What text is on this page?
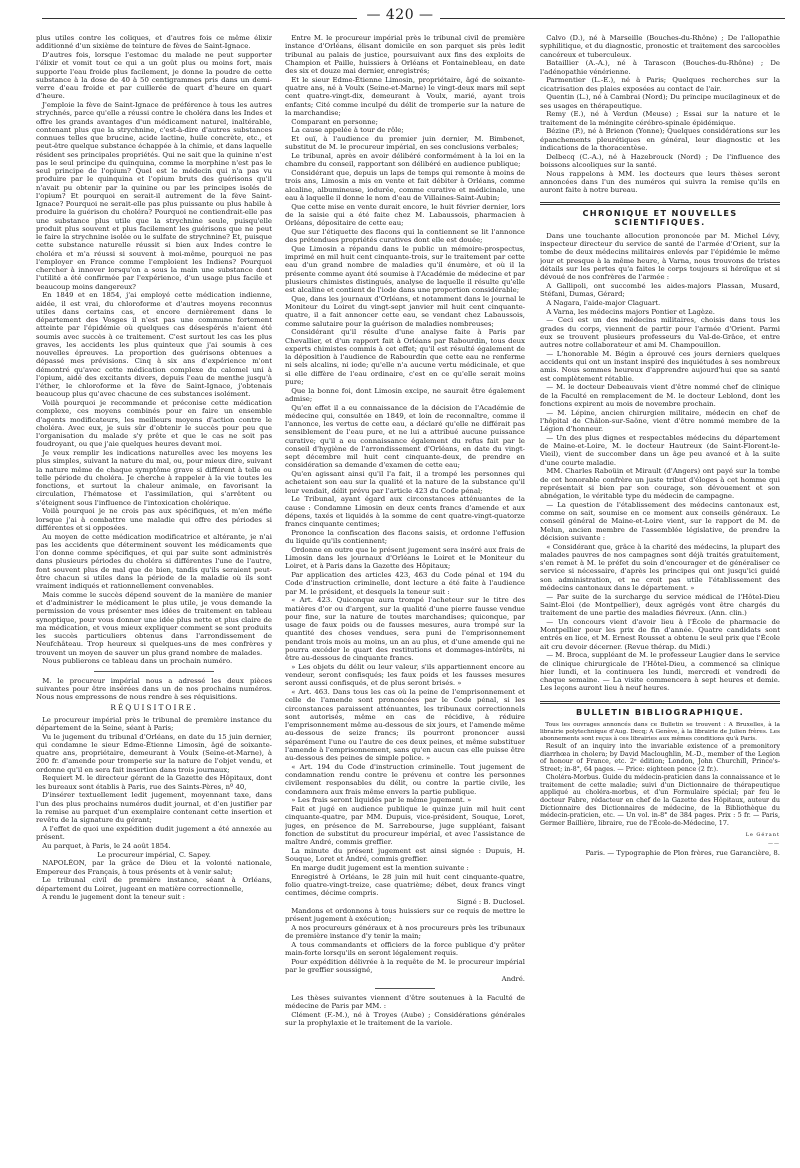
— 420 —

plus utiles contre les coliques, et d'autres fois ce même élixir additionné d'un sixième de teinture de fèves de Saint-Ignace.

D'autres fois, lorsque l'estomac du malade ne peut supporter l'élixir et vomit tout ce qui a un goût plus ou moins fort, mais supporte l'eau froide plus facilement, je donne la poudre de cette substance à la dose de 40 à 50 centigrammes pris dans un demi-verre d'eau froide et par cuillerée de quart d'heure en quart d'heure.

J'emploie la fève de Saint-Ignace de préférence à tous les autres strychnés, parce qu'elle a réussi contre le choléra dans les Indes et offre les grands avantages d'un médicament naturel, inaltérable, contenant plus que la strychnine, c'est-à-dire d'autres substances connues telles que brucine, acide lactine, huile concrète, etc., et peut-être quelque substance échappée à la chimie, et dans laquelle résident ses principales propriétés. Qui ne sait que la quinine n'est pas le seul principe du quinquina, comme la morphine n'est pas le seul principe de l'opium? Quel est le médecin qui n'a pas vu produire par le quinquina et l'opium bruts des guérisons qu'il n'avait pu obtenir par la quinine ou par les principes isolés de l'opium? Et pourquoi en serait-il autrement de la fève Saint-Ignace? Pourquoi ne serait-elle pas plus puissante ou plus habile à produire la guérison du choléra? Pourquoi ne contiendrait-elle pas une substance plus utile que la strychnine seule, puisqu'elle produit plus souvent et plus facilement les guérisons que ne peut le faire la strychnine isolée ou le sulfate de strychnine? Et, puisque cette substance naturelle réussit si bien aux Indes contre le choléra et m'a réussi si souvent à moi-même, pourquoi ne pas l'employer en France comme l'emploient les Indiens? Pourquoi chercher à innover lorsqu'on a sous la main une substance dont l'utilité a été confirmée par l'expérience, d'un usage plus facile et beaucoup moins dangereux?

En 1849 et en 1854, j'ai employé cette médication indienne, aidée, il est vrai, du chloroforme et d'autres moyens reconnus utiles dans certains cas, et encore dernièrement dans le département des Vosges il n'est pas une commune fortement atteinte par l'épidémie où quelques cas désespérés n'aient été soumis avec succès à ce traitement. C'est surtout les cas les plus graves, les accidents les plus quinteux que j'ai soumis à ces nouvelles épreuves. La proportion des guérisons obtenues a dépassé mes prévisions. Cinq à six ans d'expérience m'ont démontré qu'avec cette médication complexe du calomel uni à l'opium, aidé des excitants divers, depuis l'eau de menthe jusqu'à l'éther, le chloroforme et la fève de Saint-Ignace, j'obtenais beaucoup plus qu'avec chacune de ces substances isolément.

Voilà pourquoi je recommande et préconise cette médication complexe, ces moyens combinés pour en faire un ensemble d'agents modificateurs, les meilleurs moyens d'action contre le choléra. Avec eux, je suis sûr d'obtenir le succès pour peu que l'organisation du malade s'y prête et que le cas ne soit pas foudroyant, ou que j'aie quelques heures devant moi.

Je veux remplir les indications naturelles avec les moyens les plus simples, suivant la nature du mal, ou, pour mieux dire, suivant la nature même de chaque symptôme grave si différent à telle ou telle période du choléra. Je cherche à rappeler à la vie toutes les fonctions, et surtout la chaleur animale, en favorisant la circulation, l'hématose et l'assimilation, qui s'arrêtent ou s'éteignent sous l'influence de l'intoxication cholérique.

Voilà pourquoi je ne crois pas aux spécifiques, et m'en méfie lorsque j'ai à combattre une maladie qui offre des périodes si différentes et si opposées.

Au moyen de cette médication modificatrice et altérante, je n'ai pas les accidents que déterminent souvent les médicaments que l'on donne comme spécifiques, et qui par suite sont administrés dans plusieurs périodes du choléra si différentes l'une de l'autre, font souvent plus de mal que de bien, tandis qu'ils seraient peut-être chacun si utiles dans la période de la maladie où ils sont vraiment indiqués et rationnellement convenables.

Mais comme le succès dépend souvent de la manière de manier et d'administrer le médicament le plus utile, je vous demande la permission de vous présenter mes idées de traitement en tableau synoptique, pour vous donner une idée plus nette et plus claire de ma médication, et vous mieux expliquer comment se sont produits les succès particuliers obtenus dans l'arrondissement de Neufchâteau. Trop heureux si quelques-uns de mes confrères y trouvent un moyen de sauver un plus grand nombre de malades.

Nous publierons ce tableau dans un prochain numéro.

M. le procureur impérial nous a adressé les deux pièces suivantes pour être insérées dans un de nos prochains numéros. Nous nous empressons de nous rendre à ses réquisitions.

RÉQUISITOIRE.

Le procureur impérial près le tribunal de première instance du département de la Seine, séant à Paris;

Vu le jugement du tribunal d'Orléans, en date du 15 juin dernier, qui condamne le sieur Edme-Étienne Limosin, âgé de soixante-quatre ans, propriétaire, demeurant à Voulx (Seine-et-Marne), à 200 fr. d'amende pour tromperie sur la nature de l'objet vendu, et ordonne qu'il en sera fait insertion dans trois journaux;

Requiert M. le directeur gérant de la Gazette des Hôpitaux, dont les bureaux sont établis à Paris, rue des Saints-Pères, nº 40,

D'insérer textuellement ledit jugement, moyennant taxe, dans l'un des plus prochains numéros dudit journal, et d'en justifier par la remise au parquet d'un exemplaire contenant cette insertion et revêtu de la signature du gérant;

A l'effet de quoi une expédition dudit jugement a été annexée au présent.

Au parquet, à Paris, le 24 août 1854.

Le procureur impérial, C. Sapey.

NAPOLÉON, par la grâce de Dieu et la volonté nationale, Empereur des Français, à tous présents et à venir salut;

Le tribunal civil de première instance, séant à Orléans, département du Loiret, jugeant en matière correctionnelle,

A rendu le jugement dont la teneur suit :

Entre M. le procureur impérial près le tribunal civil de première instance d'Orléans, élisant domicile en son parquet sis près ledit tribunal au palais de justice, poursuivant aux fins des exploits de Champion et Paille, huissiers à Orléans et Fontainebleau, en date des six et douze mai dernier, enregistrés;

Et le sieur Edme-Étienne Limosin, propriétaire, âgé de soixante-quatre ans, né à Voulx (Seine-et-Marne) le vingt-deux mars mil sept cent quatre-vingt-dix, demeurant à Voulx, marié, ayant trois enfants; Cité comme inculpé du délit de tromperie sur la nature de la marchandise;

Comparant en personne;

La cause appelée à tour de rôle;

Et ouï, à l'audience du premier juin dernier, M. Bimbenet, substitut de M. le procureur impérial, en ses conclusions verbales;

Le tribunal, après en avoir délibéré conformément à la loi en la chambre du conseil, rapportant son délibéré en audience publique;

Considérant que, depuis un laps de temps qui remonte à moins de trois ans, Limosin a mis en vente et fait débiter à Orléans, comme alcaline, albumineuse, iodurée, comme curative et médicinale, une eau à laquelle il donne le nom d'eau de Villaines-Saint-Aubin;

Que cette mise en vente durait encore, le huit février dernier, lors de la saisie qui a été faite chez M. Labaussois, pharmacien à Orléans, dépositaire de cette eau;

Que sur l'étiquette des flacons qui la contiennent se lit l'annonce des prétendues propriétés curatives dont elle est douée;

Que Limosin a répandu dans le public un mémoire-prospectus, imprimé en mil huit cent cinquante-trois, sur le traitement par cette eau d'un grand nombre de maladies qu'il énumère, et où il la présente comme ayant été soumise à l'Académie de médecine et par plusieurs chimistes distingués, analyse de laquelle il résulte qu'elle est alcaline et contient de l'iode dans une proportion considérable;

Que, dans les journaux d'Orléans, et notamment dans le journal le Moniteur du Loiret du vingt-sept janvier mil huit cent cinquante-quatre, il a fait annoncer cette eau, se vendant chez Labaussois, comme salutaire pour la guérison de maladies nombreuses;

Considérant qu'il résulte d'une analyse faite à Paris par Chevallier, et d'un rapport fait à Orléans par Rabourdin, tous deux experts chimistes commis à cet effet; qu'il est résulté également de la déposition à l'audience de Rabourdin que cette eau ne renferme ni sels alcalins, ni iode; qu'elle n'a aucune vertu médicinale, et que si elle diffère de l'eau ordinaire, c'est en ce qu'elle serait moins pure;

Que la bonne foi, dont Limosin excipe, ne saurait être également admise;

Qu'en effet il a eu connaissance de la décision de l'Académie de médecine qui, consultée en 1849, et loin de reconnaître, comme il l'annonce, les vertus de cette eau, a déclaré qu'elle ne différait pas sensiblement de l'eau pure, et ne lui a attribué aucune puissance curative; qu'il a eu connaissance également du refus fait par le conseil d'hygiène de l'arrondissement d'Orléans, en date du vingt-sept décembre mil huit cent cinquante-deux, de prendre en considération sa demande d'examen de cette eau;

Qu'en agissant ainsi qu'il l'a fait, il a trompé les personnes qui achetaient son eau sur la qualité et la nature de la substance qu'il leur vendait, délit prévu par l'article 423 du Code pénal;

Le Tribunal, ayant égard aux circonstances atténuantes de la cause : Condamne Limosin en deux cents francs d'amende et aux dépens, taxés et liquidés à la somme de cent quatre-vingt-quatorze francs cinquante centimes;

Prononce la confiscation des flacons saisis, et ordonne l'effusion du liquide qu'ils contiennent;

Ordonne en outre que le présent jugement sera inséré aux frais de Limosin dans les journaux d'Orléans le Loiret et le Moniteur du Loiret, et à Paris dans la Gazette des Hôpitaux;

Par application des articles 423, 463 du Code pénal et 194 du Code d'instruction criminelle, dont lecture a été faite à l'audience par M. le président, et desquels la teneur suit :

« Art. 423. Quiconque aura trompé l'acheteur sur le titre des matières d'or ou d'argent, sur la qualité d'une pierre fausse vendue pour fine, sur la nature de toutes marchandises; quiconque, par usage de faux poids ou de fausses mesures, aura trompé sur la quantité des choses vendues, sera puni de l'emprisonnement pendant trois mois au moins, un an au plus, et d'une amende qui ne pourra excéder le quart des restitutions et dommages-intérêts, ni être au-dessous de cinquante francs.

» Les objets du délit ou leur valeur, s'ils appartiennent encore au vendeur, seront confisqués; les faux poids et les fausses mesures seront aussi confisqués, et de plus seront brisés. »

« Art. 463. Dans tous les cas où la peine de l'emprisonnement et celle de l'amende sont prononcées par le Code pénal, si les circonstances paraissent atténuantes, les tribunaux correctionnels sont autorisés, même en cas de récidive, à réduire l'emprisonnement même au-dessous de six jours, et l'amende même au-dessous de seize francs; ils pourront prononcer aussi séparément l'une ou l'autre de ces deux peines, et même substituer l'amende à l'emprisonnement, sans qu'en aucun cas elle puisse être au-dessous des peines de simple police. »

« Art. 194 du Code d'instruction criminelle. Tout jugement de condamnation rendu contre le prévenu et contre les personnes civilement responsables du délit, ou contre la partie civile, les condamnera aux frais même envers la partie publique.

» Les frais seront liquidés par le même jugement. »

Fait et jugé en audience publique le quinze juin mil huit cent cinquante-quatre, par MM. Dupuis, vice-président, Souque, Loret, juges, en présence de M. Sarrebourse, juge suppléant, faisant fonction de substitut du procureur impérial, et avec l'assistance de maître André, commis greffier.

La minute du présent jugement est ainsi signée : Dupuis, H. Souque, Loret et André, commis greffier.

En marge dudit jugement est la mention suivante :

Enregistré à Orléans, le 28 juin mil huit cent cinquante-quatre, folio quatre-vingt-treize, case quatrième; débet, deux francs vingt centimes, décime compris.

Signé : B. Duclosel.

Mandons et ordonnons à tous huissiers sur ce requis de mettre le présent jugement à exécution;

A nos procureurs généraux et à nos procureurs près les tribunaux de première instance d'y tenir la main;

A tous commandants et officiers de la force publique d'y prêter main-forte lorsqu'ils en seront légalement requis.

Pour expédition délivrée à la requête de M. le procureur impérial par le greffier soussigné,

André.

Les thèses suivantes viennent d'être soutenues à la Faculté de médecine de Paris par MM. :

Clément (F.-M.), né à Troyes (Aube) ; Considérations générales sur la prophylaxie et le traitement de la variole.

Calvo (D.), né à Marseille (Bouches-du-Rhône) ; De l'allopathie syphilitique, et du diagnostic, pronostic et traitement des sarcocèles cancéreux et tuberculeux.

Bataillier (A.-A.), né à Tarascon (Bouches-du-Rhône) ; De l'adénopathie vénérienne.

Parmentier (L.-E.), né à Paris; Quelques recherches sur la cicatrisation des plaies exposées au contact de l'air.

Quentin (L.), né à Cambrai (Nord); Du principe mucilagineux et de ses usages en thérapeutique.

Remy (E.), né à Verdun (Meuse) ; Essai sur la nature et le traitement de la méningite cérébro-spinale épidémique.

Bézine (P.), né à Brienon (Yonne); Quelques considérations sur les épanchements pleurétiques en général, leur diagnostic et les indications de la thoracentèse.

Delbecq (C.-A.), né à Hazebrouck (Nord) ; De l'influence des boissons alcooliques sur la santé.

Nous rappelons à MM. les docteurs que leurs thèses seront annoncées dans l'un des numéros qui suivra la remise qu'ils en auront faite à notre bureau.

CHRONIQUE ET NOUVELLES SCIENTIFIQUES.

Dans une touchante allocution prononcée par M. Michel Lévy, inspecteur directeur du service de santé de l'armée d'Orient, sur la tombe de deux médecins militaires enlevés par l'épidémie le même jour et presque à la même heure, à Varna, nous trouvons de tristes détails sur les pertes qu'a faites le corps toujours si héroïque et si dévoué de nos confrères de l'armée :

A Gallipoli, ont succombé les aides-majors Plassan, Musard, Stéfani, Dumas, Gérard;

A Nagara, l'aide-major Claguart.

A Varna, les médecins majors Pontier et Lagèze.

— Ceci est un des médecins militaires, choisis dans tous les grades du corps, viennent de partir pour l'armée d'Orient. Parmi eux se trouvent plusieurs professeurs du Val-de-Grâce, et entre autres notre collaborateur et ami M. Champouillon.

— L'honorable M. Bégin a éprouvé ces jours derniers quelques accidents qui ont un instant inspiré des inquiétudes à ses nombreux amis. Nous sommes heureux d'apprendre aujourd'hui que sa santé est complètement rétablie.

— M. le docteur Debeauvais vient d'être nommé chef de clinique de la Faculté en remplacement de M. le docteur Leblond, dont les fonctions expirent au mois de novembre prochain.

— M. Lépine, ancien chirurgien militaire, médecin en chef de l'hôpital de Châlon-sur-Saône, vient d'être nommé membre de la Légion d'honneur.

— Un des plus dignes et respectables médecins du département de Maine-et-Loire, M. le docteur Hautreux (de Saint-Florent-le-Vieil), vient de succomber dans un âge peu avancé et à la suite d'une courte maladie.

MM. Charles Raboüin et Mirault (d'Angers) ont payé sur la tombe de cet honorable confrère un juste tribut d'éloges à cet homme qui représentait si bien par son courage, son dévouement et son abnégation, le véritable type du médecin de campagne.

— La question de l'établissement des médecins cantonaux est, comme on sait, soumise en ce moment aux conseils généraux. Le conseil général de Maine-et-Loire vient, sur le rapport de M. de Melun, ancien membre de l'assemblée législative, de prendre la décision suivante :

« Considérant que, grâce à la charité des médecins, la plupart des malades pauvres de nos campagnes sont déjà traités gratuitement, s'en remet à M. le préfet du soin d'encourager et de généraliser ce service si nécessaire, d'après les principes qui ont jusqu'ici guidé son administration, et ne croit pas utile l'établissement des médecins cantonaux dans le département. »

— Par suite de la surcharge du service médical de l'Hôtel-Dieu Saint-Éloi (de Montpellier), deux agrégés vont être chargés du traitement de une partie des maladies fiévreux. (Ann. clin.)

— Un concours vient d'avoir lieu à l'École de pharmacie de Montpellier pour les prix de fin d'année. Quatre candidats sont entrés en lice, et M. Ernest Rousset a obtenu le seul prix que l'École ait cru devoir décerner. (Revue thérap. du Midi.)

— M. Broca, suppléant de M. le professeur Laugier dans le service de clinique chirurgicale de l'Hôtel-Dieu, a commencé sa clinique hier lundi, et la continuera les lundi, mercredi et vendredi de chaque semaine. — La visite commencera à sept heures et demie. Les leçons auront lieu à neuf heures.

BULLETIN BIBLIOGRAPHIQUE.

Tous les ouvrages annoncés dans ce Bulletin se trouvent : A Bruxelles, à la librairie polytechnique d'Aug. Decq; A Genève, à la librairie de Julien frères. Les abonnements sont reçus à ces librairies aux mêmes conditions qu'à Paris.

Result of an inquiry into the invariable existence of a premonitory diarrhœa in cholera; by David Macloughlin, M.-D., member of the Legion of honour of France, etc. 2ᵉ édition; London, John Churchill, Prince's-Street; in-8°, 64 pages. — Price: eighteen pence (2 fr.).

Choléra-Morbus. Guide du médecin-praticien dans la connaissance et le traitement de cette maladie; suivi d'un Dictionnaire de thérapeutique appliqué au choléra-morbus, et d'un Formulaire spécial; par feu le docteur Fabre, rédacteur en chef de la Gazette des Hôpitaux, auteur du Dictionnaire des Dictionnaires de médecine, de la Bibliothèque du médecin-praticien, etc. — Un vol. in-8° de 384 pages. Prix : 5 fr. — Paris, Germer Baillière, libraire, rue de l'École-de-Médecine, 17.

Le Gérant
——
Paris. — Typographie de Plon frères, rue Garancière, 8.
